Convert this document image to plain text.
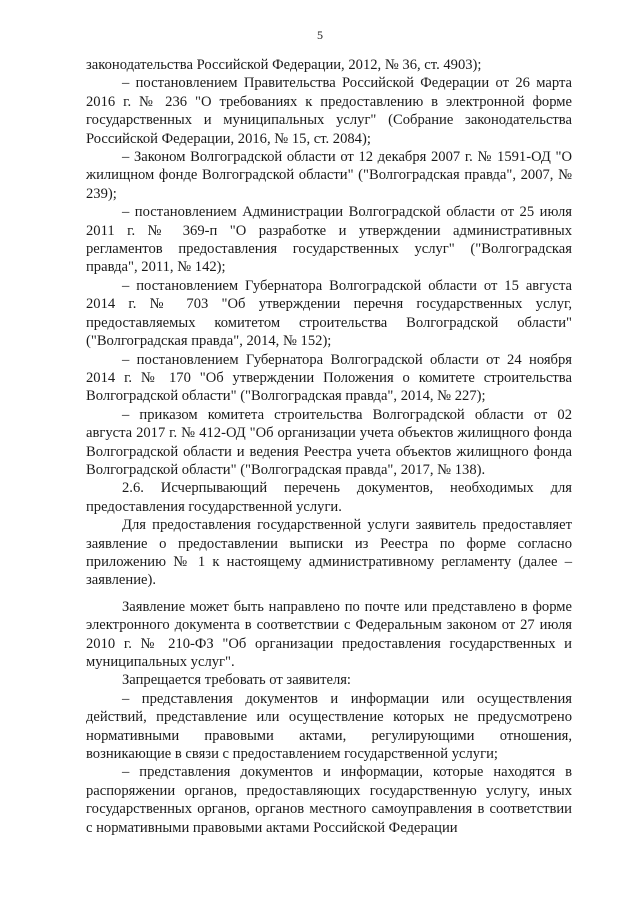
5

законодательства Российской Федерации, 2012, № 36, ст. 4903);

– постановлением Правительства Российской Федерации от 26 марта 2016 г. № 236 "О требованиях к предоставлению в электронной форме государственных и муниципальных услуг" (Собрание законодательства Российской Федерации, 2016, № 15, ст. 2084);

– Законом Волгоградской области от 12 декабря 2007 г. № 1591-ОД "О жилищном фонде Волгоградской области" ("Волгоградская правда", 2007, № 239);

– постановлением Администрации Волгоградской области от 25 июля 2011 г. № 369-п "О разработке и утверждении административных регламентов предоставления государственных услуг" ("Волгоградская правда", 2011, № 142);

– постановлением Губернатора Волгоградской области от 15 августа 2014 г. № 703 "Об утверждении перечня государственных услуг, предоставляемых комитетом строительства Волгоградской области" ("Волгоградская правда", 2014, № 152);

– постановлением Губернатора Волгоградской области от 24 ноября 2014 г. № 170 "Об утверждении Положения о комитете строительства Волгоградской области" ("Волгоградская правда", 2014, № 227);

– приказом комитета строительства Волгоградской области от 02 августа 2017 г. № 412-ОД "Об организации учета объектов жилищного фонда Волгоградской области и ведения Реестра учета объектов жилищного фонда Волгоградской области" ("Волгоградская правда", 2017, № 138).

2.6. Исчерпывающий перечень документов, необходимых для предоставления государственной услуги.

Для предоставления государственной услуги заявитель предоставляет заявление о предоставлении выписки из Реестра по форме согласно приложению № 1 к настоящему административному регламенту (далее – заявление).

Заявление может быть направлено по почте или представлено в форме электронного документа в соответствии с Федеральным законом от 27 июля 2010 г. № 210-ФЗ "Об организации предоставления государственных и муниципальных услуг".

Запрещается требовать от заявителя:

– представления документов и информации или осуществления действий, представление или осуществление которых не предусмотрено нормативными правовыми актами, регулирующими отношения, возникающие в связи с предоставлением государственной услуги;

– представления документов и информации, которые находятся в распоряжении органов, предоставляющих государственную услугу, иных государственных органов, органов местного самоуправления в соответствии с нормативными правовыми актами Российской Федерации
